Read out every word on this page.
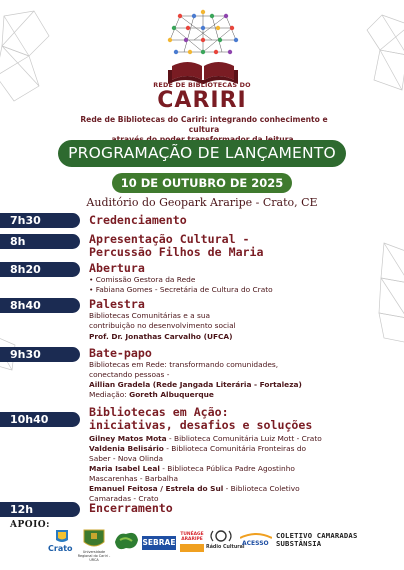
REDE DE BIBLIOTECAS DO
CARIRI
Rede de Bibliotecas do Cariri: integrando conhecimento e cultura
PROGRAMAÇÃO DE LANÇAMENTO
10 DE OUTUBRO DE 2025
Auditório do Geopark Araripe - Crato, CE
7h30	Credenciamento
8h	Apresentação Cultural -
Percussão Filhos de Maria
8h20	Abertura
• Comissão Gestora da Rede
• Fabiana Gomes - Secretária de Cultura do Crato
8h40	Palestra
Bibliotecas Comunitárias e a sua
contribuição no desenvolvimento social
Prof. Dr. Jonathas Carvalho (UFCA)
9h30	Bate-papo
Bibliotecas em Rede: transformando comunidades,
conectando pessoas -
Aillian Gradela (Rede Jangada Literária - Fortaleza)
Mediação: Goreth Albuquerque
10h40
Bibliotecas em Ação:
iniciativas, desafios e soluções
Gilney Matos Mota - Biblioteca Comunitária Luiz Mott - Crato
Valdenia Belisário - Biblioteca Comunitária Fronteiras do
Saber - Nova Olinda
Maria Isabel Leal - Biblioteca Pública Padre Agostinho
Mascarenhas - Barbalha
Emanuel Feitosa / Estrela do Sul - Biblioteca Coletivo
Camaradas - Crato
12h	Encerramento
APOIO:
Crato	Universidade Regional do Cariri - URCA
SEBRAE
TUNÉAGE ARARIPE
Rádio Cultural
ACESSO
COLETIVO CAMARADAS SUBSTÂNSIA
